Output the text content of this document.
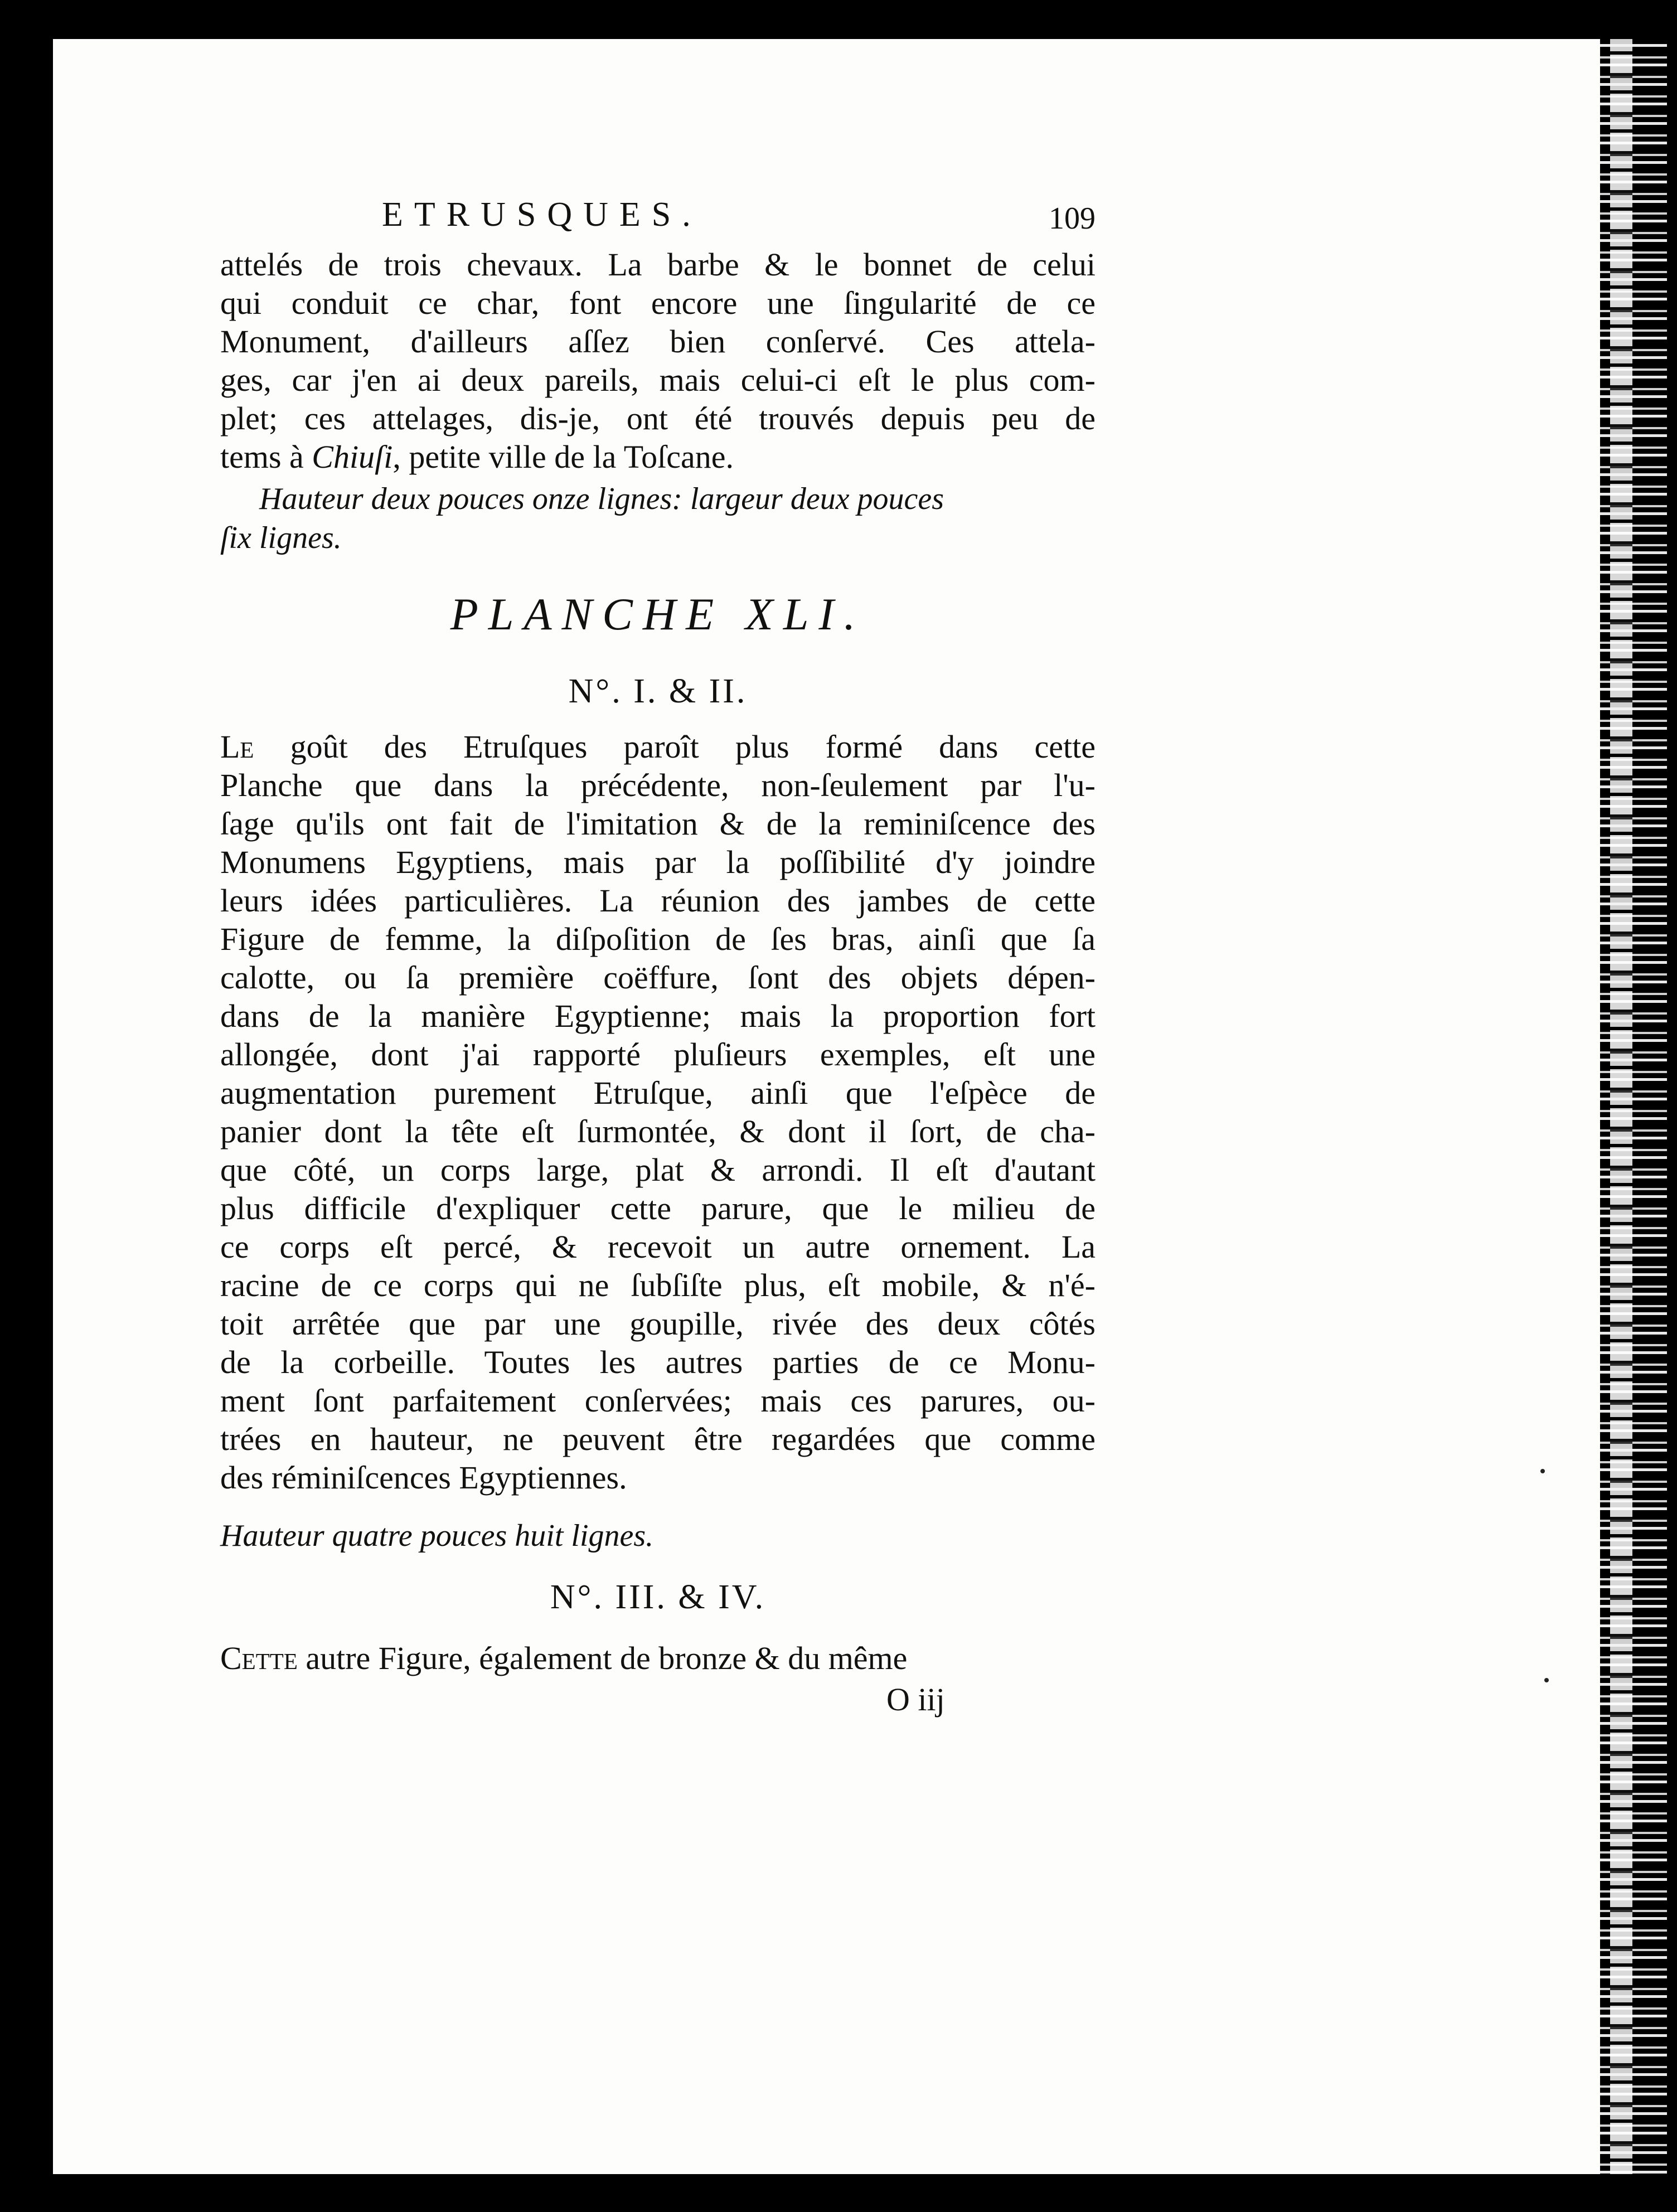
ETRUSQUES.	109
attelés de trois chevaux. La barbe & le bonnet de celui
qui conduit ce char, font encore une ſingularité de ce
Monument, d'ailleurs aſſez bien conſervé. Ces attela-
ges, car j'en ai deux pareils, mais celui-ci eſt le plus com-
plet; ces attelages, dis-je, ont été trouvés depuis peu de
tems à Chiuſi, petite ville de la Toſcane.
Hauteur deux pouces onze lignes: largeur deux pouces
ſix lignes.
PLANCHE XLI.
N°. I. & II.
Le goût des Etruſques paroît plus formé dans cette
Planche que dans la précédente, non-ſeulement par l'u-
ſage qu'ils ont fait de l'imitation & de la reminiſcence des
Monumens Egyptiens, mais par la poſſibilité d'y joindre
leurs idées particulières. La réunion des jambes de cette
Figure de femme, la diſpoſition de ſes bras, ainſi que ſa
calotte, ou ſa première coëffure, ſont des objets dépen-
dans de la manière Egyptienne; mais la proportion fort
allongée, dont j'ai rapporté pluſieurs exemples, eſt une
augmentation purement Etruſque, ainſi que l'eſpèce de
panier dont la tête eſt ſurmontée, & dont il ſort, de cha-
que côté, un corps large, plat & arrondi. Il eſt d'autant
plus difficile d'expliquer cette parure, que le milieu de
ce corps eſt percé, & recevoit un autre ornement. La
racine de ce corps qui ne ſubſiſte plus, eſt mobile, & n'é-
toit arrêtée que par une goupille, rivée des deux côtés
de la corbeille. Toutes les autres parties de ce Monu-
ment ſont parfaitement conſervées; mais ces parures, ou-
trées en hauteur, ne peuvent être regardées que comme
des réminiſcences Egyptiennes.
Hauteur quatre pouces huit lignes.
N°. III. & IV.
Cette autre Figure, également de bronze & du même
O iij
